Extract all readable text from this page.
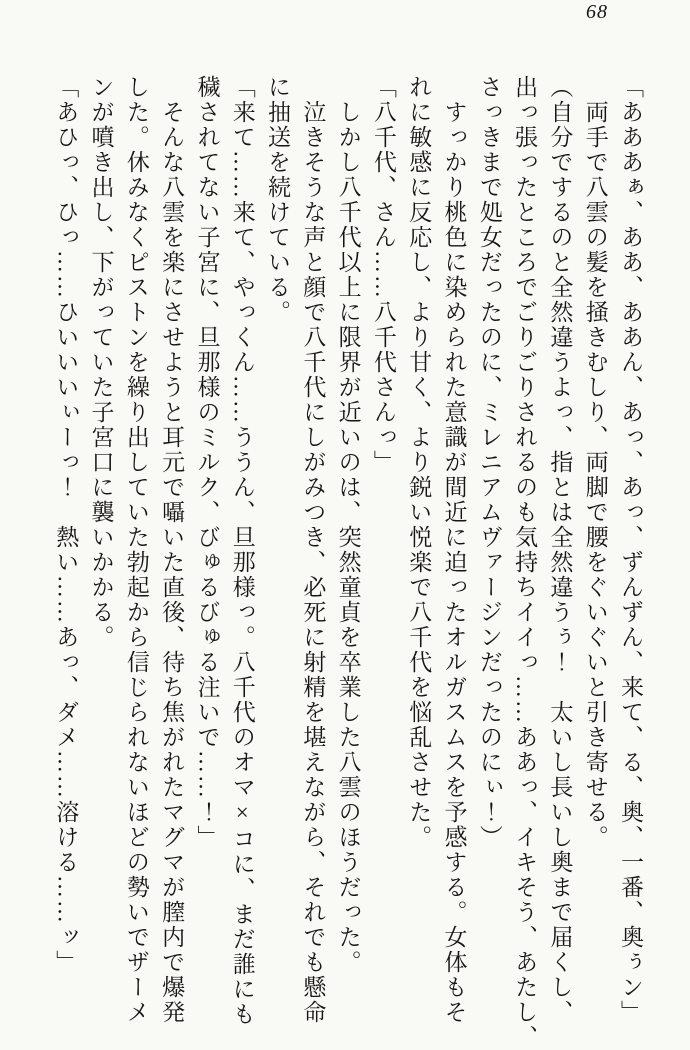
68
「あああぁ、ああ、ああん、あっ、あっ、ずんずん、来て、る、奥、一番、奥ぅン」
両手で八雲の髪を掻きむしり、両脚で腰をぐいぐいと引き寄せる。
（自分でするのと全然違うよっ、指とは全然違うぅ！　太いし長いし奥まで届くし、
出っ張ったところでごりごりされるのも気持ちイイっ……ああっ、イキそう、あたし、
さっきまで処女だったのに、ミレニアムヴァージンだったのにぃ！）
すっかり桃色に染められた意識が間近に迫ったオルガスムスを予感する。女体もそ
れに敏感に反応し、より甘く、より鋭い悦楽で八千代を悩乱させた。
「八千代、さん……八千代さんっ」
しかし八千代以上に限界が近いのは、突然童貞を卒業した八雲のほうだった。
泣きそうな声と顔で八千代にしがみつき、必死に射精を堪えながら、それでも懸命
に抽送を続けている。
「来て……来て、やっくん……ううん、旦那様っ。八千代のオマ×コに、まだ誰にも
穢されてない子宮に、旦那様のミルク、びゅるびゅる注いで……！」
そんな八雲を楽にさせようと耳元で囁いた直後、待ち焦がれたマグマが膣内で爆発
した。休みなくピストンを繰り出していた勃起から信じられないほどの勢いでザーメ
ンが噴き出し、下がっていた子宮口に襲いかかる。
「あひっ、ひっ……ひいいいぃーっ！　熱い……あっ、ダメ……溶ける……ッ」
